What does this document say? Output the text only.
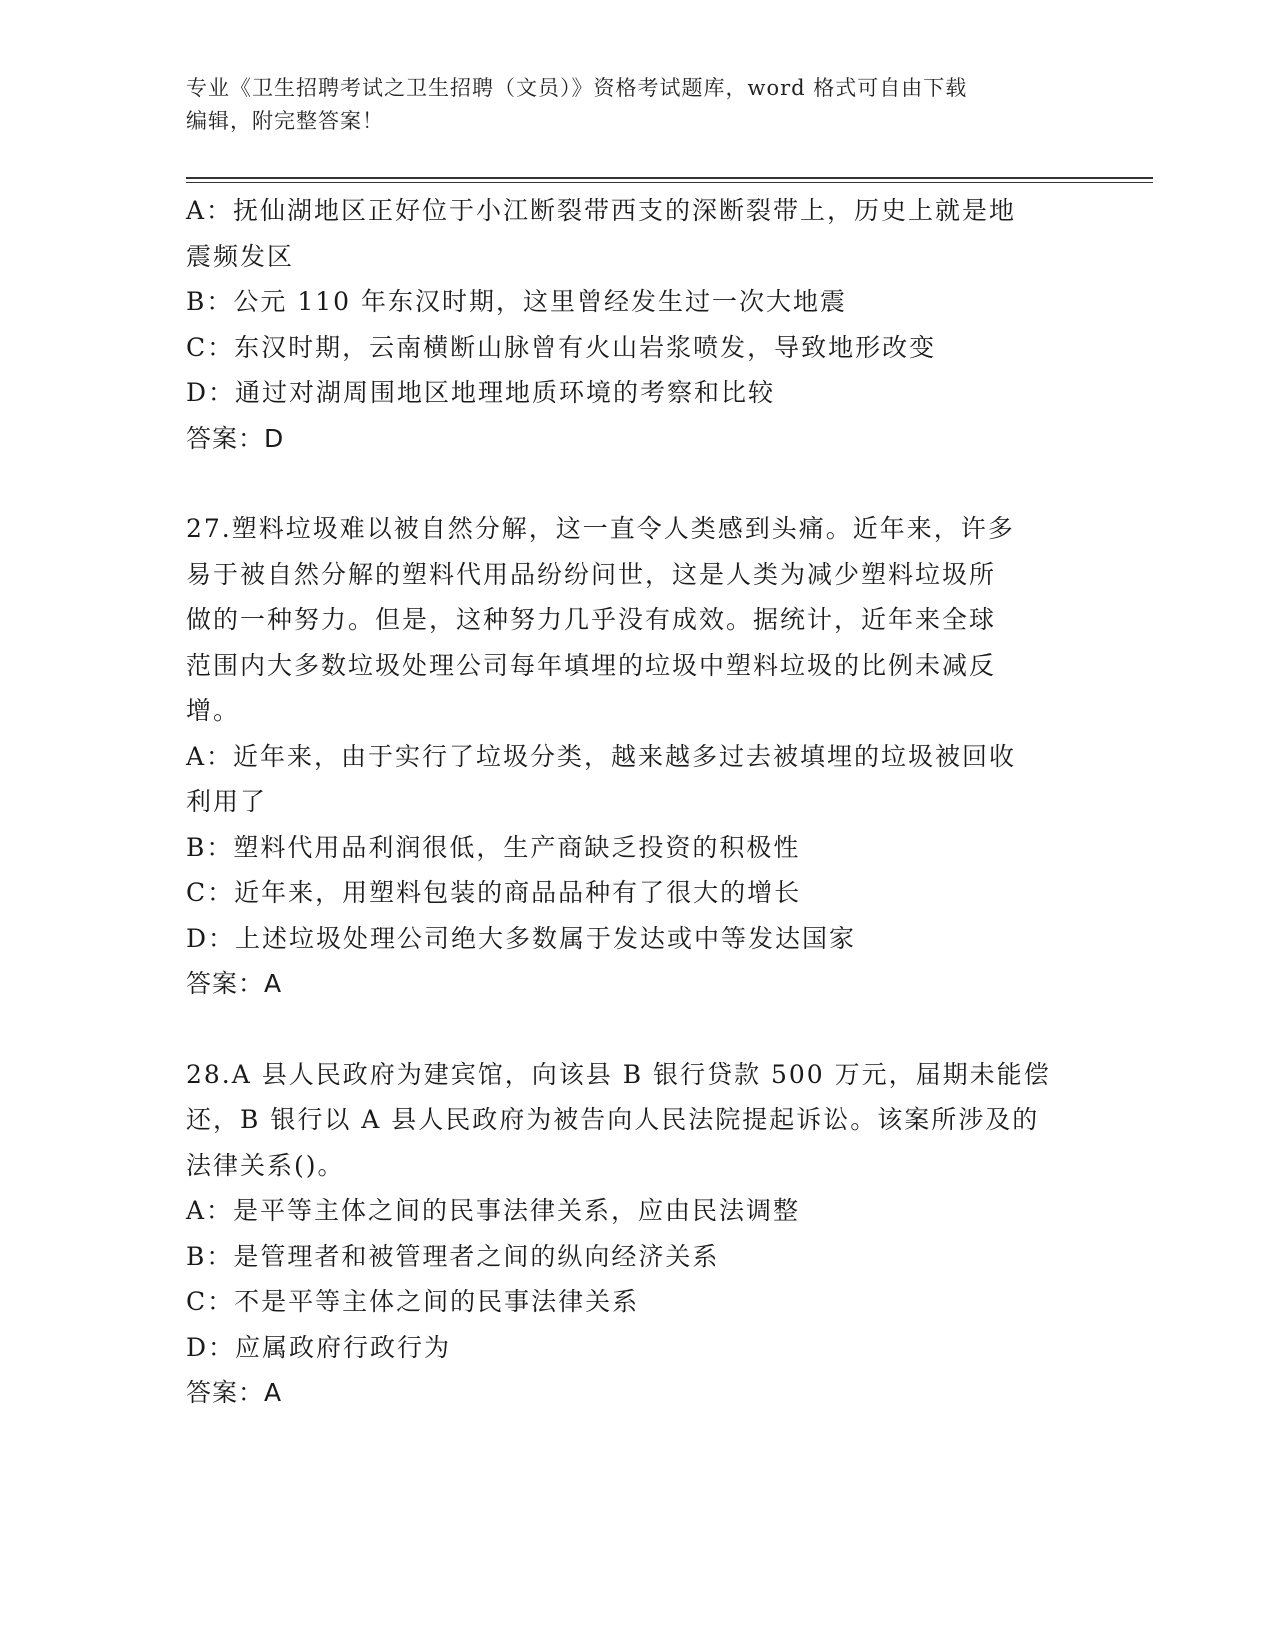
专业《卫生招聘考试之卫生招聘（文员）》资格考试题库，word 格式可自由下载
编辑，附完整答案！
A：抚仙湖地区正好位于小江断裂带西支的深断裂带上，历史上就是地
震频发区
B：公元 110 年东汉时期，这里曾经发生过一次大地震
C：东汉时期，云南横断山脉曾有火山岩浆喷发，导致地形改变
D：通过对湖周围地区地理地质环境的考察和比较
答案：D
27.塑料垃圾难以被自然分解，这一直令人类感到头痛。近年来，许多
易于被自然分解的塑料代用品纷纷问世，这是人类为减少塑料垃圾所
做的一种努力。但是，这种努力几乎没有成效。据统计，近年来全球
范围内大多数垃圾处理公司每年填埋的垃圾中塑料垃圾的比例未减反
增。
A：近年来，由于实行了垃圾分类，越来越多过去被填埋的垃圾被回收
利用了
B：塑料代用品利润很低，生产商缺乏投资的积极性
C：近年来，用塑料包装的商品品种有了很大的增长
D：上述垃圾处理公司绝大多数属于发达或中等发达国家
答案：A
28.A 县人民政府为建宾馆，向该县 B 银行贷款 500 万元，届期未能偿
还，B 银行以 A 县人民政府为被告向人民法院提起诉讼。该案所涉及的
法律关系()。
A：是平等主体之间的民事法律关系，应由民法调整
B：是管理者和被管理者之间的纵向经济关系
C：不是平等主体之间的民事法律关系
D：应属政府行政行为
答案：A
